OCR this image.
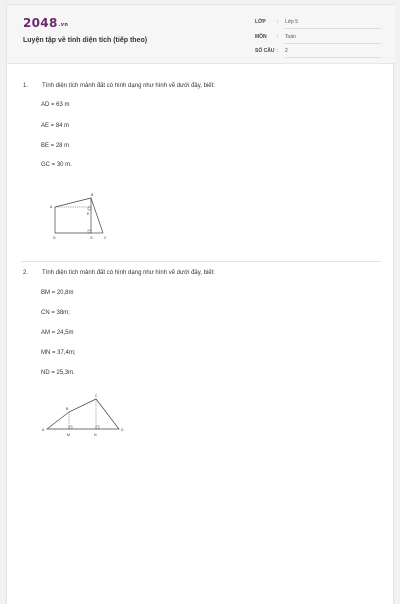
2048.vn
Luyện tập về tính diện tích (tiếp theo)
LỚP : Lớp 5
MÔN : Toán
SỐ CÂU : 2
1. Tính diện tích mảnh đất có hình dạng như hình vẽ dưới đây, biết:
AD = 63 m
AE = 84 m
BE = 28 m
GC = 30 m.
A
B
E
D	G	C
2. Tính diện tích mảnh đất có hình dạng như hình vẽ dưới đây, biết:
BM = 20,8m
CN = 38m;
AM = 24,5m
MN = 37,4m;
ND = 25,3m.
A
B
C
M	N
D
